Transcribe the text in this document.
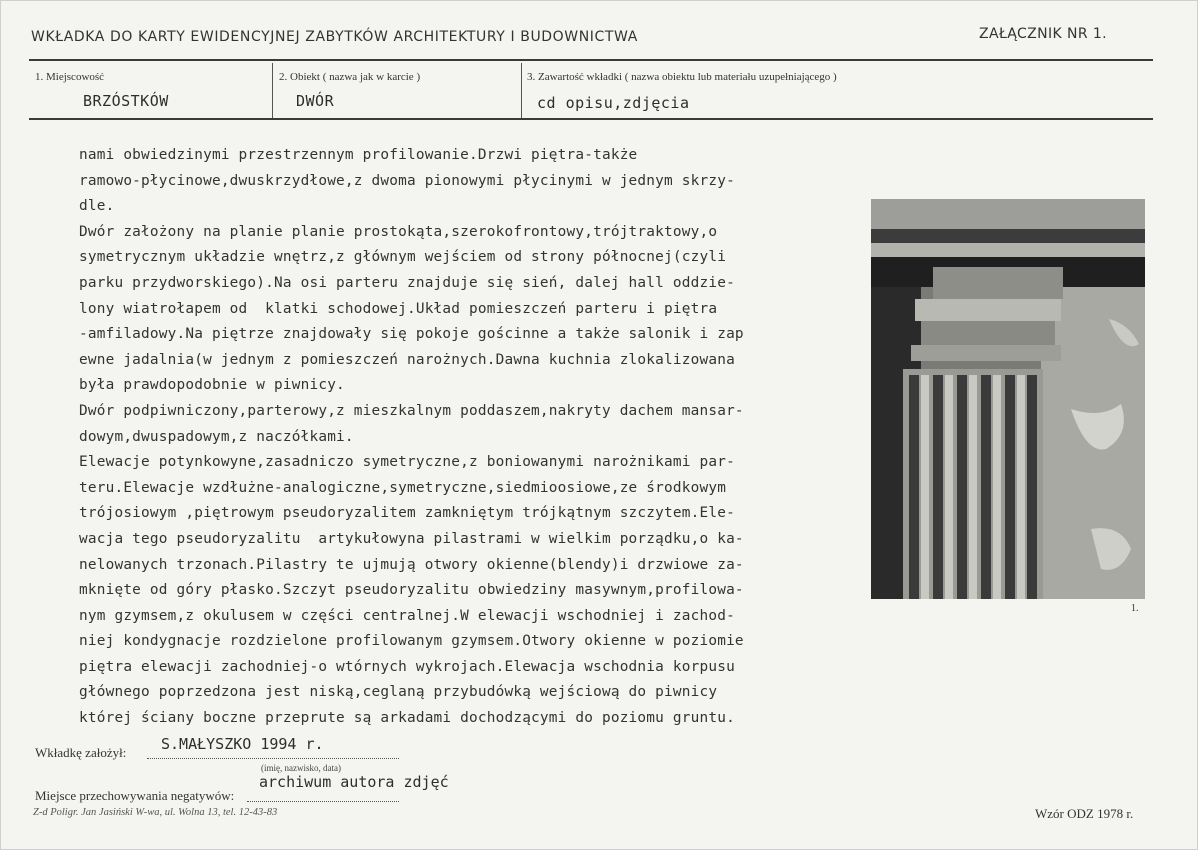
WKŁADKA DO KARTY EWIDENCYJNEJ ZABYTKÓW ARCHITEKTURY I BUDOWNICTWA	ZAŁĄCZNIK NR 1.
1. Miejscowość
BRZÓSTKÓW
2. Obiekt ( nazwa jak w karcie )
DWÓR
3. Zawartość wkładki ( nazwa obiektu lub materiału uzupełniającego )
cd opisu,zdjęcia
nami obwiedzinymi przestrzennym profilowanie.Drzwi piętra-także
ramowo-płycinowe,dwuskrzydłowe,z dwoma pionowymi płycinymi w jednym skrzy-
dle.
Dwór założony na planie planie prostokąta,szerokofrontowy,trójtraktowy,o
symetrycznym układzie wnętrz,z głównym wejściem od strony północnej(czyli
parku przydworskiego).Na osi parteru znajduje się sień, dalej hall oddzie-
lony wiatrołapem od  klatki schodowej.Układ pomieszczeń parteru i piętra
-amfiladowy.Na piętrze znajdowały się pokoje gościnne a także salonik i zap
ewne jadalnia(w jednym z pomieszczeń narożnych.Dawna kuchnia zlokalizowana
była prawdopodobnie w piwnicy.
Dwór podpiwniczony,parterowy,z mieszkalnym poddaszem,nakryty dachem mansar-
dowym,dwuspadowym,z naczółkami.
Elewacje potynkowyne,zasadniczo symetryczne,z boniowanymi narożnikami par-
teru.Elewacje wzdłużne-analogiczne,symetryczne,siedmioosiowe,ze środkowym
trójosiowym ,piętrowym pseudoryzalitem zamkniętym trójkątnym szczytem.Ele-
wacja tego pseudoryzalitu  artykułowyna pilastrami w wielkim porządku,o ka-
nelowanych trzonach.Pilastry te ujmują otwory okienne(blendy)i drzwiowe za-
mknięte od góry płasko.Szczyt pseudoryzalitu obwiedziny masywnym,profilowa-
nym gzymsem,z okulusem w części centralnej.W elewacji wschodniej i zachod-
niej kondygnacje rozdzielone profilowanym gzymsem.Otwory okienne w poziomie
piętra elewacji zachodniej-o wtórnych wykrojach.Elewacja wschodnia korpusu
głównego poprzedzona jest niską,ceglaną przybudówką wejściową do piwnicy
której ściany boczne przeprute są arkadami dochodzącymi do poziomu gruntu.
1.
Wkładkę założył: S.MAŁYSZKO 1994 r.
(imię, nazwisko, data)
Miejsce przechowywania negatywów:
archiwum autora zdjęć
Z-d Poligr. Jan Jasiński W-wa, ul. Wolna 13, tel. 12-43-83	Wzór ODZ 1978 r.
